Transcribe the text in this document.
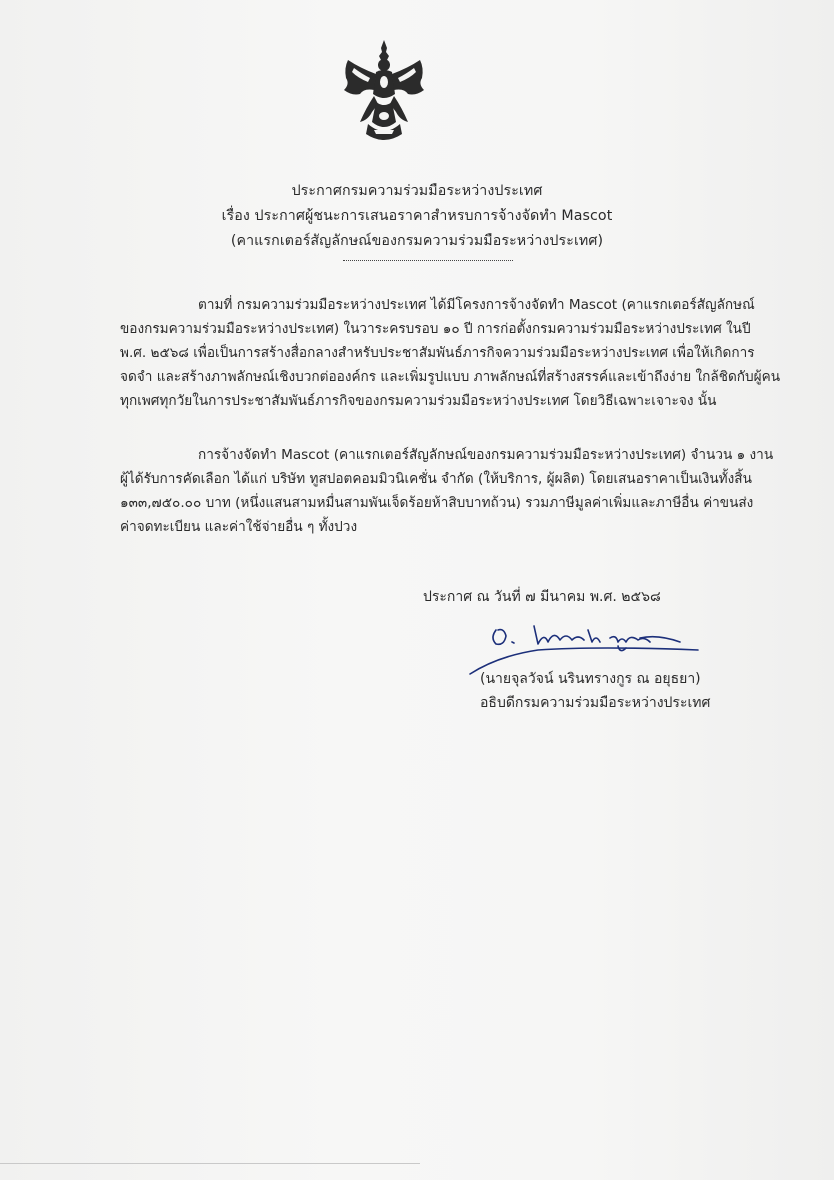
ประกาศกรมความร่วมมือระหว่างประเทศ
เรื่อง ประกาศผู้ชนะการเสนอราคาสำหรบการจ้างจัดทำ Mascot
(คาแรกเตอร์สัญลักษณ์ของกรมความร่วมมือระหว่างประเทศ)
ตามที่ กรมความร่วมมือระหว่างประเทศ ได้มีโครงการจ้างจัดทำ Mascot (คาแรกเตอร์สัญลักษณ์
ของกรมความร่วมมือระหว่างประเทศ) ในวาระครบรอบ ๑๐ ปี การก่อตั้งกรมความร่วมมือระหว่างประเทศ ในปี
พ.ศ. ๒๕๖๘ เพื่อเป็นการสร้างสื่อกลางสำหรับประชาสัมพันธ์ภารกิจความร่วมมือระหว่างประเทศ เพื่อให้เกิดการ
จดจำ และสร้างภาพลักษณ์เชิงบวกต่อองค์กร และเพิ่มรูปแบบ ภาพลักษณ์ที่สร้างสรรค์และเข้าถึงง่าย ใกล้ชิดกับผู้คน
ทุกเพศทุกวัยในการประชาสัมพันธ์ภารกิจของกรมความร่วมมือระหว่างประเทศ โดยวิธีเฉพาะเจาะจง นั้น
การจ้างจัดทำ Mascot (คาแรกเตอร์สัญลักษณ์ของกรมความร่วมมือระหว่างประเทศ) จำนวน ๑ งาน
ผู้ได้รับการคัดเลือก ได้แก่ บริษัท ทูสปอตคอมมิวนิเคชั่น จำกัด (ให้บริการ, ผู้ผลิต) โดยเสนอราคาเป็นเงินทั้งสิ้น
๑๓๓,๗๕๐.๐๐ บาท (หนึ่งแสนสามหมื่นสามพันเจ็ดร้อยห้าสิบบาทถ้วน) รวมภาษีมูลค่าเพิ่มและภาษีอื่น ค่าขนส่ง
ค่าจดทะเบียน และค่าใช้จ่ายอื่น ๆ ทั้งปวง
ประกาศ ณ วันที่ ๗ มีนาคม พ.ศ. ๒๕๖๘
(นายจุลวัจน์ นรินทรางกูร ณ อยุธยา)
อธิบดีกรมความร่วมมือระหว่างประเทศ
